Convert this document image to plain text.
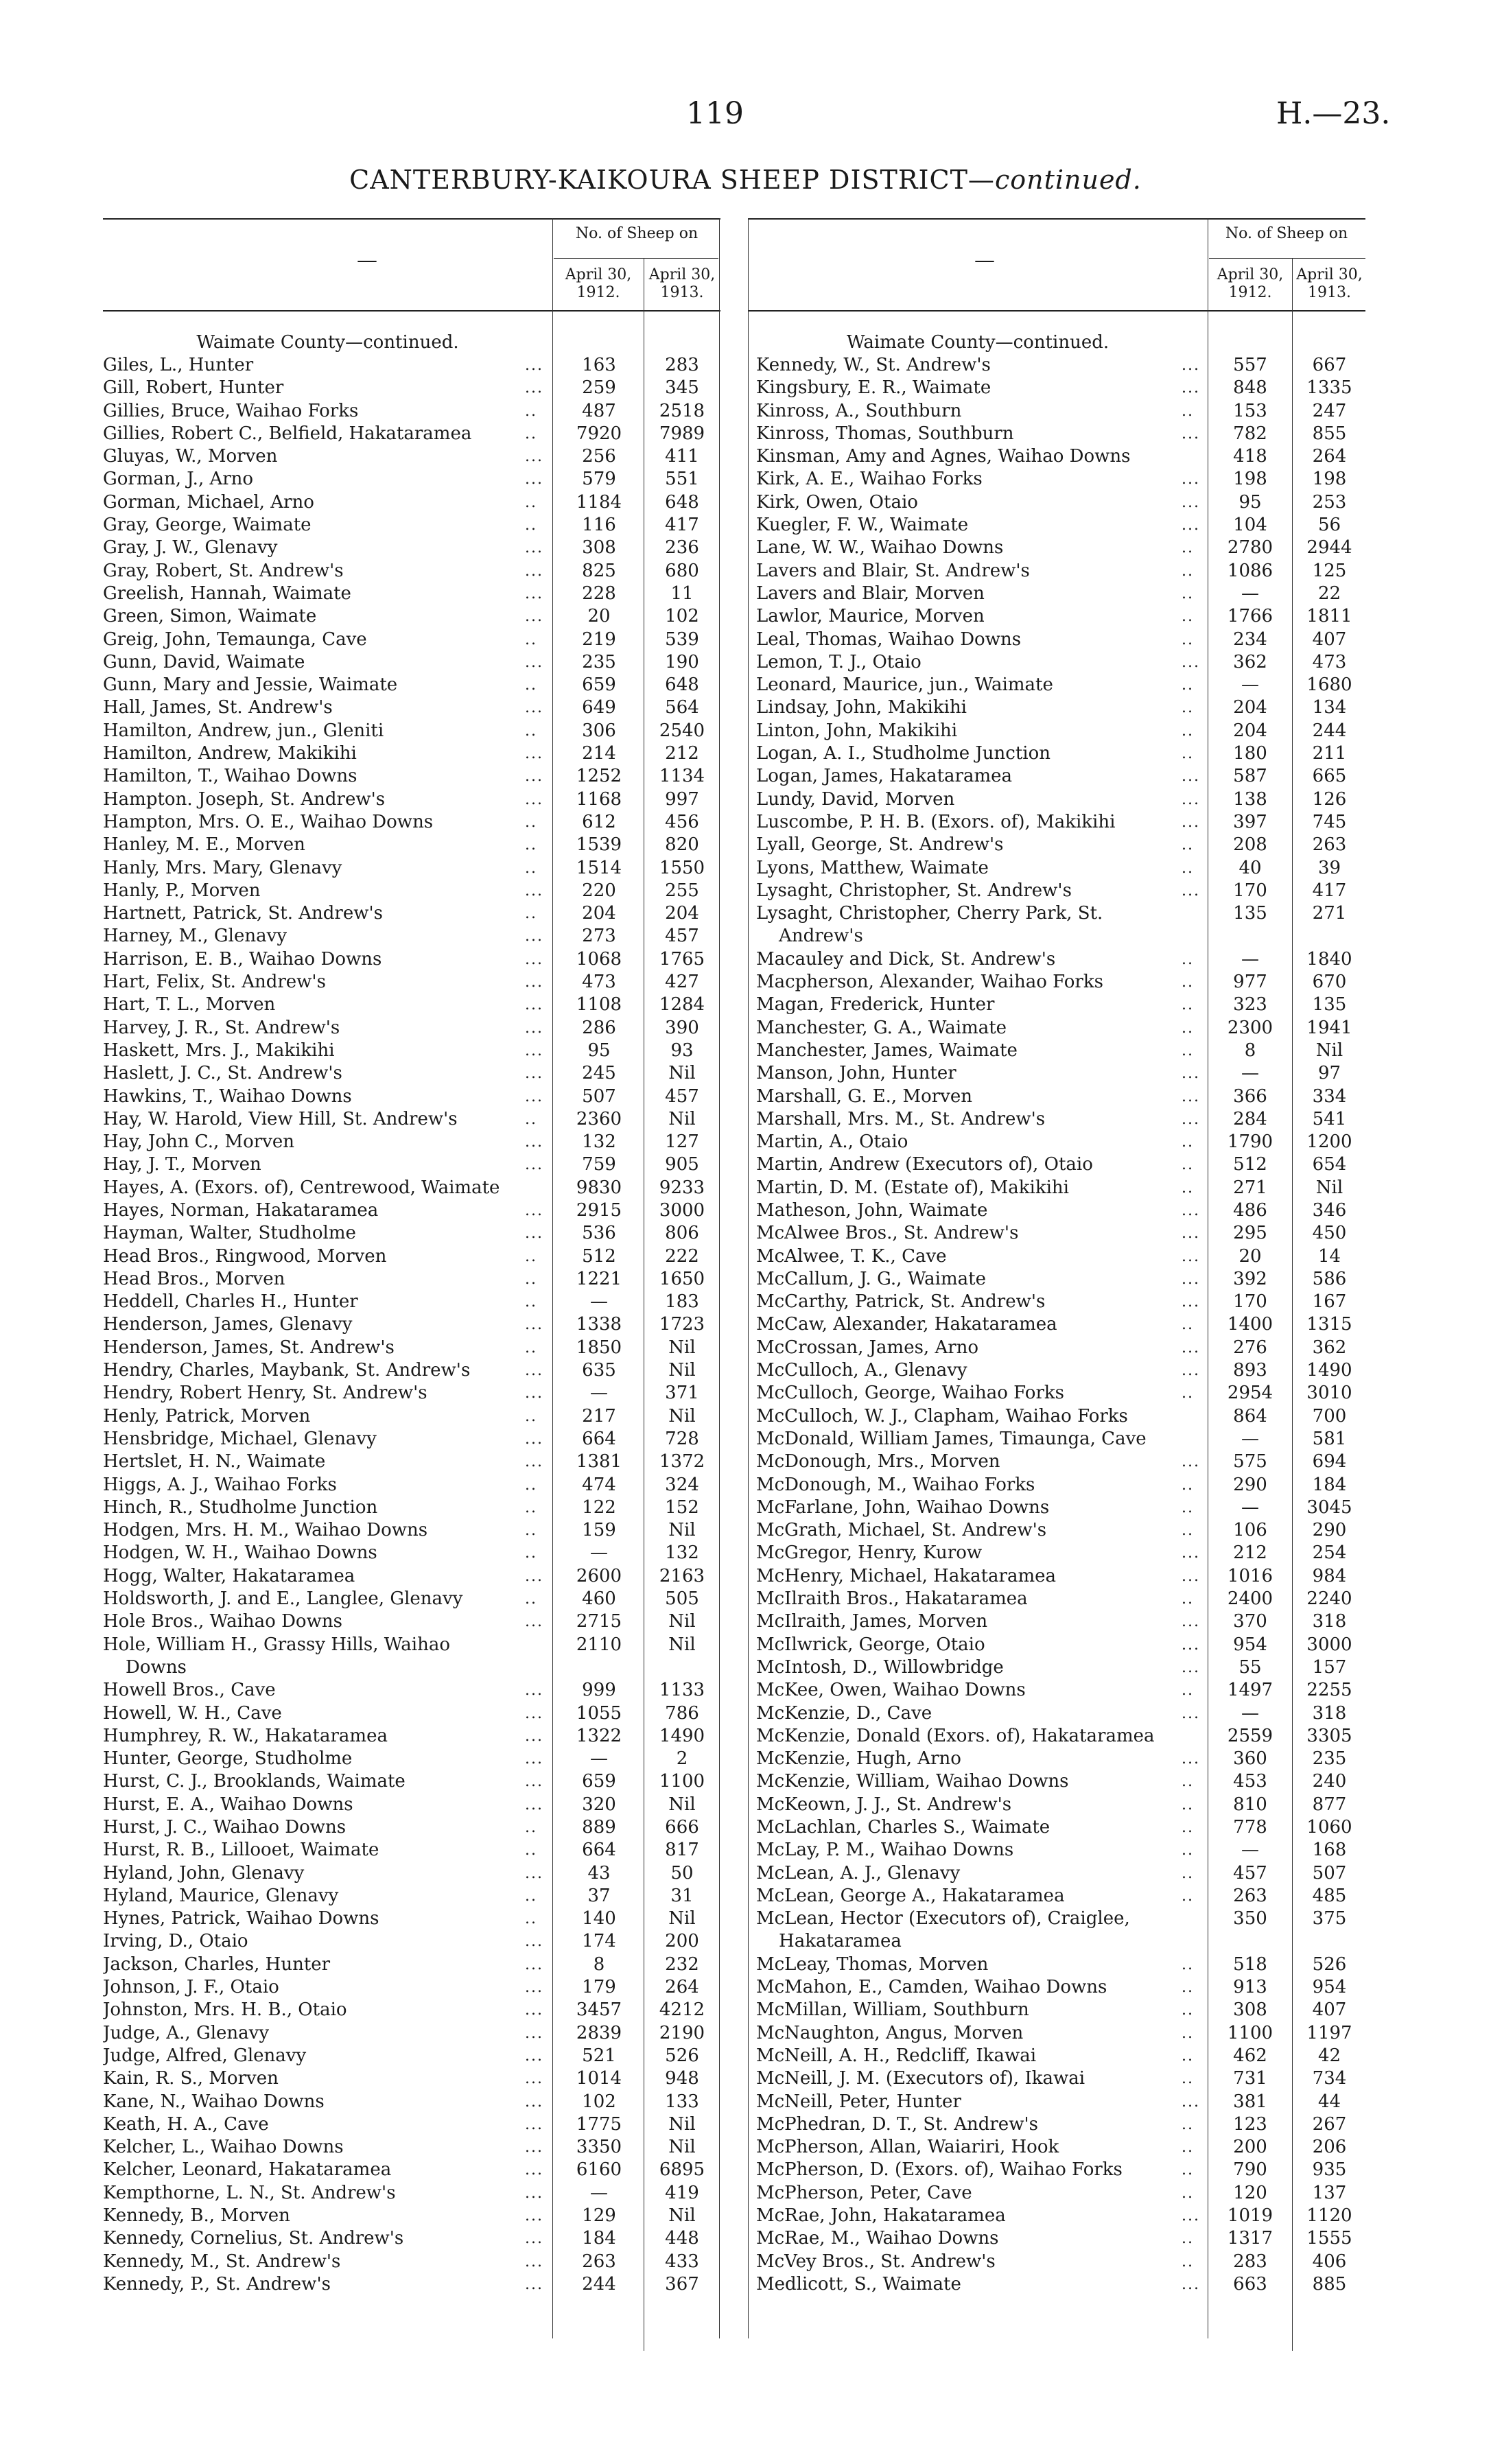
119	H.—23.
CANTERBURY-KAIKOURA SHEEP DISTRICT—continued.
—
No. of Sheep on
April 30,
1912.
April 30,
1913.
Waimate County—continued.
Giles, L., Hunter	...	163	283
Gill, Robert, Hunter	...	259	345
Gillies, Bruce, Waihao Forks	..	487	2518
Gillies, Robert C., Belfield, Hakataramea	..	7920	7989
Gluyas, W., Morven	...	256	411
Gorman, J., Arno	...	579	551
Gorman, Michael, Arno	..	1184	648
Gray, George, Waimate	..	116	417
Gray, J. W., Glenavy	...	308	236
Gray, Robert, St. Andrew's	...	825	680
Greelish, Hannah, Waimate	...	228	11
Green, Simon, Waimate	...	20	102
Greig, John, Temaunga, Cave	..	219	539
Gunn, David, Waimate	...	235	190
Gunn, Mary and Jessie, Waimate	..	659	648
Hall, James, St. Andrew's	...	649	564
Hamilton, Andrew, jun., Gleniti	..	306	2540
Hamilton, Andrew, Makikihi	...	214	212
Hamilton, T., Waihao Downs	...	1252	1134
Hampton. Joseph, St. Andrew's	...	1168	997
Hampton, Mrs. O. E., Waihao Downs	..	612	456
Hanley, M. E., Morven	..	1539	820
Hanly, Mrs. Mary, Glenavy	..	1514	1550
Hanly, P., Morven	...	220	255
Hartnett, Patrick, St. Andrew's	..	204	204
Harney, M., Glenavy	...	273	457
Harrison, E. B., Waihao Downs	...	1068	1765
Hart, Felix, St. Andrew's	...	473	427
Hart, T. L., Morven	...	1108	1284
Harvey, J. R., St. Andrew's	...	286	390
Haskett, Mrs. J., Makikihi	...	95	93
Haslett, J. C., St. Andrew's	...	245	Nil
Hawkins, T., Waihao Downs	...	507	457
Hay, W. Harold, View Hill, St. Andrew's	..	2360	Nil
Hay, John C., Morven	...	132	127
Hay, J. T., Morven	...	759	905
Hayes, A. (Exors. of), Centrewood, Waimate	9830	9233
Hayes, Norman, Hakataramea	...	2915	3000
Hayman, Walter, Studholme	...	536	806
Head Bros., Ringwood, Morven	..	512	222
Head Bros., Morven	..	1221	1650
Heddell, Charles H., Hunter	..	—	183
Henderson, James, Glenavy	...	1338	1723
Henderson, James, St. Andrew's	..	1850	Nil
Hendry, Charles, Maybank, St. Andrew's	...	635	Nil
Hendry, Robert Henry, St. Andrew's	...	—	371
Henly, Patrick, Morven	..	217	Nil
Hensbridge, Michael, Glenavy	...	664	728
Hertslet, H. N., Waimate	...	1381	1372
Higgs, A. J., Waihao Forks	..	474	324
Hinch, R., Studholme Junction	..	122	152
Hodgen, Mrs. H. M., Waihao Downs	..	159	Nil
Hodgen, W. H., Waihao Downs	..	—	132
Hogg, Walter, Hakataramea	...	2600	2163
Holdsworth, J. and E., Langlee, Glenavy	..	460	505
Hole Bros., Waihao Downs	...	2715	Nil
Hole, William H., Grassy Hills, Waihao	2110	Nil
Downs
Howell Bros., Cave	...	999	1133
Howell, W. H., Cave	...	1055	786
Humphrey, R. W., Hakataramea	...	1322	1490
Hunter, George, Studholme	...	—	2
Hurst, C. J., Brooklands, Waimate	...	659	1100
Hurst, E. A., Waihao Downs	...	320	Nil
Hurst, J. C., Waihao Downs	..	889	666
Hurst, R. B., Lillooet, Waimate	..	664	817
Hyland, John, Glenavy	...	43	50
Hyland, Maurice, Glenavy	..	37	31
Hynes, Patrick, Waihao Downs	..	140	Nil
Irving, D., Otaio	...	174	200
Jackson, Charles, Hunter	...	8	232
Johnson, J. F., Otaio	...	179	264
Johnston, Mrs. H. B., Otaio	...	3457	4212
Judge, A., Glenavy	...	2839	2190
Judge, Alfred, Glenavy	...	521	526
Kain, R. S., Morven	...	1014	948
Kane, N., Waihao Downs	...	102	133
Keath, H. A., Cave	...	1775	Nil
Kelcher, L., Waihao Downs	...	3350	Nil
Kelcher, Leonard, Hakataramea	...	6160	6895
Kempthorne, L. N., St. Andrew's	...	—	419
Kennedy, B., Morven	...	129	Nil
Kennedy, Cornelius, St. Andrew's	...	184	448
Kennedy, M., St. Andrew's	...	263	433
Kennedy, P., St. Andrew's	...	244	367
—
No. of Sheep on
April 30,
1912.
April 30,
1913.
Waimate County—continued.
Kennedy, W., St. Andrew's	...	557	667
Kingsbury, E. R., Waimate	...	848	1335
Kinross, A., Southburn	..	153	247
Kinross, Thomas, Southburn	...	782	855
Kinsman, Amy and Agnes, Waihao Downs	418	264
Kirk, A. E., Waihao Forks	...	198	198
Kirk, Owen, Otaio	...	95	253
Kuegler, F. W., Waimate	...	104	56
Lane, W. W., Waihao Downs	..	2780	2944
Lavers and Blair, St. Andrew's	..	1086	125
Lavers and Blair, Morven	..	—	22
Lawlor, Maurice, Morven	..	1766	1811
Leal, Thomas, Waihao Downs	..	234	407
Lemon, T. J., Otaio	...	362	473
Leonard, Maurice, jun., Waimate	..	—	1680
Lindsay, John, Makikihi	..	204	134
Linton, John, Makikihi	..	204	244
Logan, A. I., Studholme Junction	..	180	211
Logan, James, Hakataramea	...	587	665
Lundy, David, Morven	...	138	126
Luscombe, P. H. B. (Exors. of), Makikihi	...	397	745
Lyall, George, St. Andrew's	..	208	263
Lyons, Matthew, Waimate	..	40	39
Lysaght, Christopher, St. Andrew's	...	170	417
Lysaght, Christopher, Cherry Park, St.	135	271
Andrew's
Macauley and Dick, St. Andrew's	..	—	1840
Macpherson, Alexander, Waihao Forks	..	977	670
Magan, Frederick, Hunter	..	323	135
Manchester, G. A., Waimate	..	2300	1941
Manchester, James, Waimate	..	8	Nil
Manson, John, Hunter	...	—	97
Marshall, G. E., Morven	...	366	334
Marshall, Mrs. M., St. Andrew's	...	284	541
Martin, A., Otaio	..	1790	1200
Martin, Andrew (Executors of), Otaio	..	512	654
Martin, D. M. (Estate of), Makikihi	..	271	Nil
Matheson, John, Waimate	...	486	346
McAlwee Bros., St. Andrew's	...	295	450
McAlwee, T. K., Cave	...	20	14
McCallum, J. G., Waimate	...	392	586
McCarthy, Patrick, St. Andrew's	...	170	167
McCaw, Alexander, Hakataramea	..	1400	1315
McCrossan, James, Arno	...	276	362
McCulloch, A., Glenavy	...	893	1490
McCulloch, George, Waihao Forks	..	2954	3010
McCulloch, W. J., Clapham, Waihao Forks	864	700
McDonald, William James, Timaunga, Cave	—	581
McDonough, Mrs., Morven	...	575	694
McDonough, M., Waihao Forks	..	290	184
McFarlane, John, Waihao Downs	..	—	3045
McGrath, Michael, St. Andrew's	..	106	290
McGregor, Henry, Kurow	...	212	254
McHenry, Michael, Hakataramea	...	1016	984
McIlraith Bros., Hakataramea	..	2400	2240
McIlraith, James, Morven	...	370	318
McIlwrick, George, Otaio	...	954	3000
McIntosh, D., Willowbridge	...	55	157
McKee, Owen, Waihao Downs	..	1497	2255
McKenzie, D., Cave	...	—	318
McKenzie, Donald (Exors. of), Hakataramea	2559	3305
McKenzie, Hugh, Arno	...	360	235
McKenzie, William, Waihao Downs	..	453	240
McKeown, J. J., St. Andrew's	..	810	877
McLachlan, Charles S., Waimate	..	778	1060
McLay, P. M., Waihao Downs	..	—	168
McLean, A. J., Glenavy	..	457	507
McLean, George A., Hakataramea	..	263	485
McLean, Hector (Executors of), Craiglee,	350	375
Hakataramea
McLeay, Thomas, Morven	..	518	526
McMahon, E., Camden, Waihao Downs	..	913	954
McMillan, William, Southburn	..	308	407
McNaughton, Angus, Morven	..	1100	1197
McNeill, A. H., Redcliff, Ikawai	..	462	42
McNeill, J. M. (Executors of), Ikawai	..	731	734
McNeill, Peter, Hunter	...	381	44
McPhedran, D. T., St. Andrew's	..	123	267
McPherson, Allan, Waiariri, Hook	..	200	206
McPherson, D. (Exors. of), Waihao Forks	..	790	935
McPherson, Peter, Cave	..	120	137
McRae, John, Hakataramea	...	1019	1120
McRae, M., Waihao Downs	..	1317	1555
McVey Bros., St. Andrew's	..	283	406
Medlicott, S., Waimate	...	663	885
